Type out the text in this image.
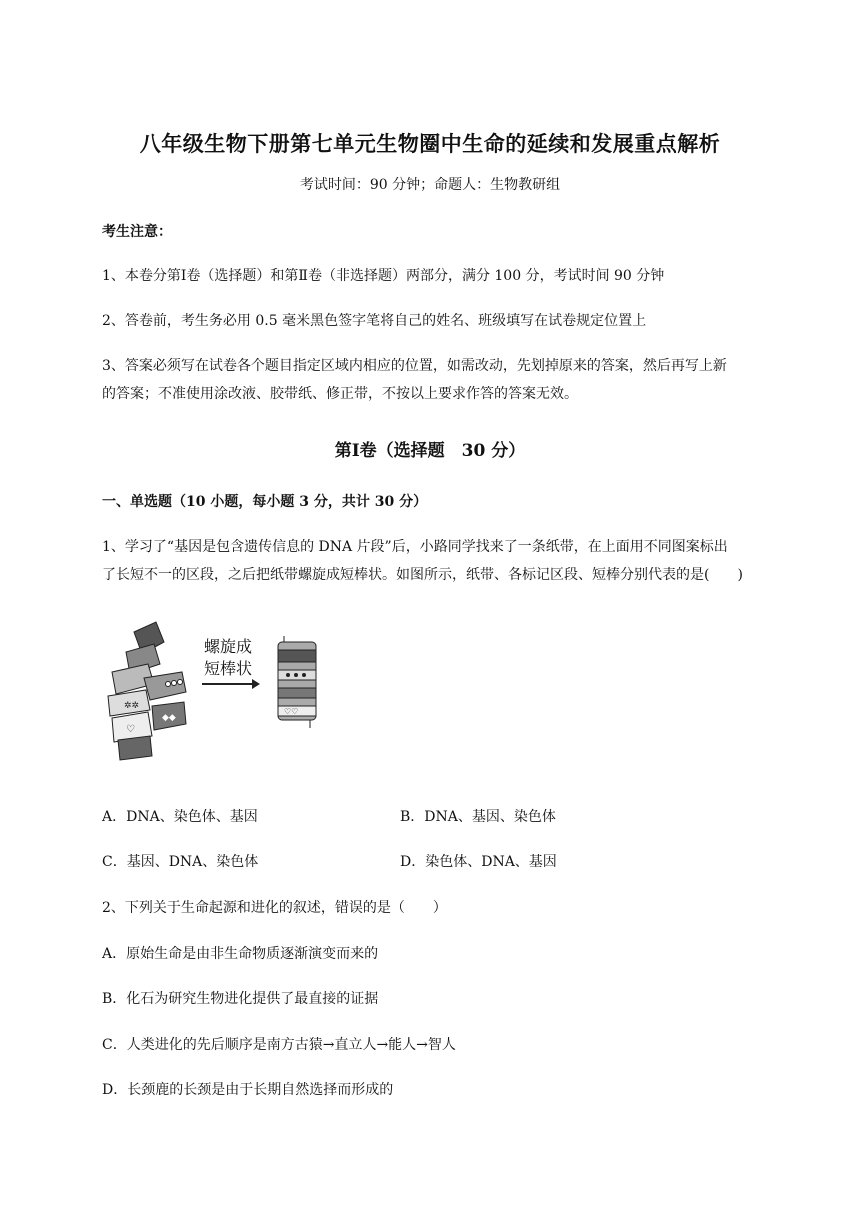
八年级生物下册第七单元生物圈中生命的延续和发展重点解析
考试时间：90 分钟；命题人：生物教研组
考生注意：
1、本卷分第Ⅰ卷（选择题）和第Ⅱ卷（非选择题）两部分，满分 100 分，考试时间 90 分钟
2、答卷前，考生务必用 0.5 毫米黑色签字笔将自己的姓名、班级填写在试卷规定位置上
3、答案必须写在试卷各个题目指定区域内相应的位置，如需改动，先划掉原来的答案，然后再写上新
的答案；不准使用涂改液、胶带纸、修正带，不按以上要求作答的答案无效。
第Ⅰ卷（选择题　30 分）
一、单选题（10 小题，每小题 3 分，共计 30 分）
1、学习了“基因是包含遗传信息的 DNA 片段”后，小路同学找来了一条纸带，在上面用不同图案标出
了长短不一的区段，之后把纸带螺旋成短棒状。如图所示，纸带、各标记区段、短棒分别代表的是(　　)
✲✲
♡
◆◆
♡♡
螺旋成
短棒状
A．DNA、染色体、基因	B．DNA、基因、染色体
C．基因、DNA、染色体	D．染色体、DNA、基因
2、下列关于生命起源和进化的叙述，错误的是（　　）
A．原始生命是由非生命物质逐渐演变而来的
B．化石为研究生物进化提供了最直接的证据
C．人类进化的先后顺序是南方古猿→直立人→能人→智人
D．长颈鹿的长颈是由于长期自然选择而形成的
